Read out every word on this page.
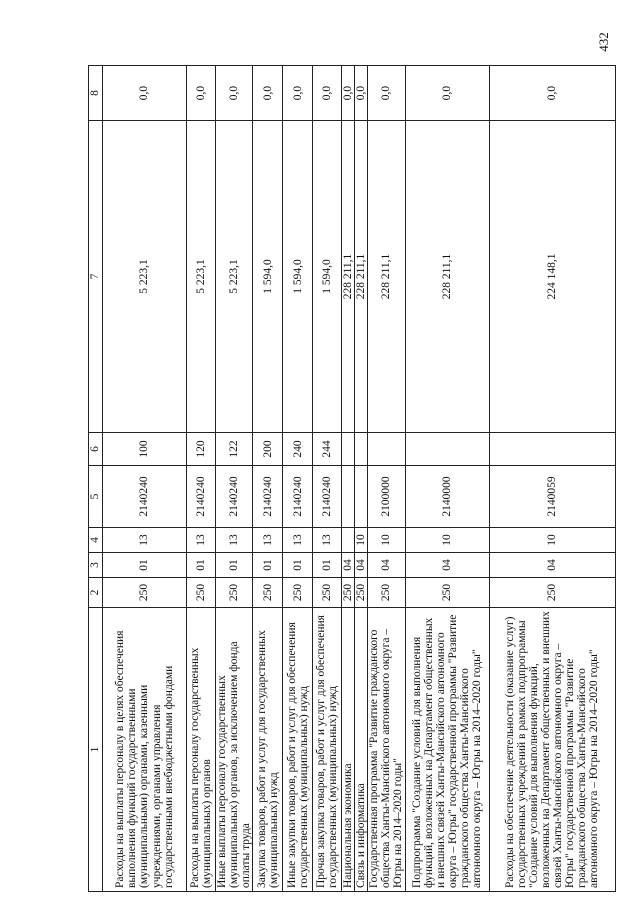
432
1	2	3	4	5	6	7	8
Расходы на выплаты персоналу в целях обеспечения выполнения функций государственными (муниципальными) органами, казенными учреждениями, органами управления государственными внебюджетными фондами	250	01	13	2140240	100	5 223,1	0,0
Расходы на выплаты персоналу государственных (муниципальных) органов	250	01	13	2140240	120	5 223,1	0,0
Иные выплаты персоналу государственных (муниципальных) органов, за исключением фонда оплаты труда	250	01	13	2140240	122	5 223,1	0,0
Закупка товаров, работ и услуг для государственных (муниципальных) нужд	250	01	13	2140240	200	1 594,0	0,0
Иные закупки товаров, работ и услуг для обеспечения государственных (муниципальных) нужд	250	01	13	2140240	240	1 594,0	0,0
Прочая закупка товаров, работ и услуг для обеспечения государственных (муниципальных) нужд	250	01	13	2140240	244	1 594,0	0,0
Национальная экономика	250	04				228 211,1	0,0
Связь и информатика	250	04	10			228 211,1	0,0
Государственная программа "Развитие гражданского общества Ханты-Мансийского автономного округа – Югры на 2014–2020 годы"	250	04	10	2100000		228 211,1	0,0
Подпрограмма "Создание условий для выполнения функций, возложенных на Департамент общественных и внешних связей Ханты-Мансийского автономного округа – Югры" государственной программы "Развитие гражданского общества Ханты-Мансийского автономного округа – Югры на 2014–2020 годы"	250	04	10	2140000		228 211,1	0,0
Расходы на обеспечение деятельности (оказание услуг) государственных учреждений в рамках подпрограммы "Создание условий для выполнения функций, возложенных на Департамент общественных и внешних связей Ханты-Мансийского автономного округа – Югры" государственной программы "Развитие гражданского общества Ханты-Мансийского автономного округа – Югры на 2014–2020 годы"	250	04	10	2140059		224 148,1	0,0
